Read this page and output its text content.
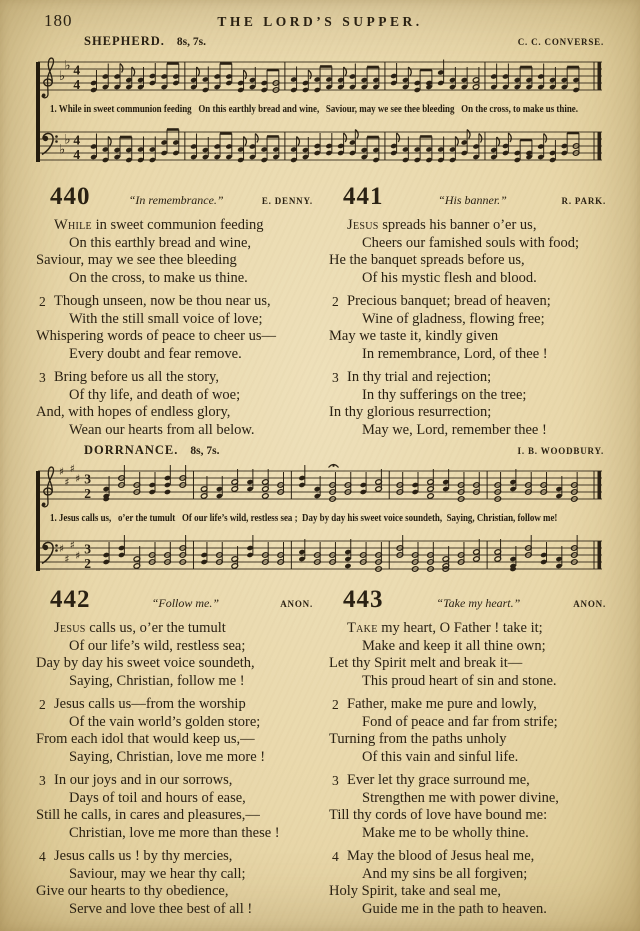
180	THE LORD’S SUPPER.
SHEPHERD. 8s, 7s.	C. C. CONVERSE.
♭
♭ 4
4
1. While in sweet communion feeding   On this earthly bread and wine,   Saviour, may we see thee bleeding   On the cross, to make us thine.
♭
♭ 4
4
440	“In remembrance.”	E. DENNY.

While in sweet communion feeding
On this earthly bread and wine,
Saviour, may we see thee bleeding
On the cross, to make us thine.

2 Though unseen, now be thou near us,
With the still small voice of love;
Whispering words of peace to cheer us—
Every doubt and fear remove.

3 Bring before us all the story,
Of thy life, and death of woe;
And, with hopes of endless glory,
Wean our hearts from all below.

441	“His banner.”	R. PARK.

Jesus spreads his banner o’er us,
Cheers our famished souls with food;
He the banquet spreads before us,
Of his mystic flesh and blood.

2 Precious banquet; bread of heaven;
Wine of gladness, flowing free;
May we taste it, kindly given
In remembrance, Lord, of thee !

3 In thy trial and rejection;
In thy sufferings on the tree;
In thy glorious resurrection;
May we, Lord, remember thee !

DORRNANCE. 8s, 7s.	I. B. WOODBURY.
♯
♯
♯
♯ 3
2
1. Jesus calls us,   o’er the tumult   Of our life’s wild, restless sea ;  Day by day his sweet voice soundeth,  Saying, Christian, follow me!
♯
♯
♯
♯ 3
2
442	“Follow me.”	ANON.

Jesus calls us, o’er the tumult
Of our life’s wild, restless sea;
Day by day his sweet voice soundeth,
Saying, Christian, follow me !

2 Jesus calls us—from the worship
Of the vain world’s golden store;
From each idol that would keep us,—
Saying, Christian, love me more !

3 In our joys and in our sorrows,
Days of toil and hours of ease,
Still he calls, in cares and pleasures,—
Christian, love me more than these !

4 Jesus calls us ! by thy mercies,
Saviour, may we hear thy call;
Give our hearts to thy obedience,
Serve and love thee best of all !

443	“Take my heart.”	ANON.

Take my heart, O Father ! take it;
Make and keep it all thine own;
Let thy Spirit melt and break it—
This proud heart of sin and stone.

2 Father, make me pure and lowly,
Fond of peace and far from strife;
Turning from the paths unholy
Of this vain and sinful life.

3 Ever let thy grace surround me,
Strengthen me with power divine,
Till thy cords of love have bound me:
Make me to be wholly thine.

4 May the blood of Jesus heal me,
And my sins be all forgiven;
Holy Spirit, take and seal me,
Guide me in the path to heaven.
